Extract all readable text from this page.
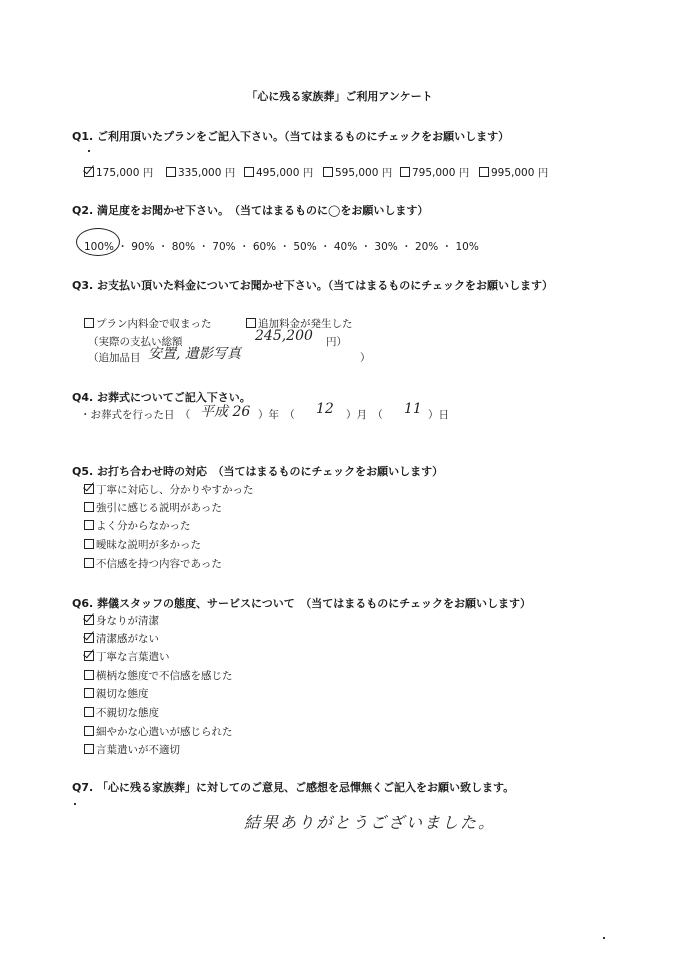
「心に残る家族葬」ご利用アンケート
Q1. ご利用頂いたプランをご記入下さい。（当てはまるものにチェックをお願いします）
175,000 円	335,000 円	495,000 円	595,000 円	795,000 円	995,000 円
Q2. 満足度をお聞かせ下さい。　（当てはまるものに◯をお願いします）
100% ・ 90% ・ 80% ・ 70% ・ 60% ・ 50% ・ 40% ・ 30% ・ 20% ・ 10%
Q3. お支払い頂いた料金についてお聞かせ下さい。（当てはまるものにチェックをお願いします）
プラン内料金で収まった	追加料金が発生した
（実際の支払い総額	245,200 円）
（追加品目 安置, 遺影写真	）
Q4. お葬式についてご記入下さい。
・お葬式を行った日　（ 平成 26 ）年　（ 12 ）月　（ 11 ）日
Q5. お打ち合わせ時の対応　（当てはまるものにチェックをお願いします）
丁寧に対応し、分かりやすかった
強引に感じる説明があった
よく分からなかった
曖昧な説明が多かった
不信感を持つ内容であった
Q6. 葬儀スタッフの態度、サービスについて　（当てはまるものにチェックをお願いします）
身なりが清潔
清潔感がない
丁寧な言葉遣い
横柄な態度で不信感を感じた
親切な態度
不親切な態度
細やかな心遣いが感じられた
言葉遣いが不適切
Q7. 「心に残る家族葬」に対してのご意見、ご感想を忌憚無くご記入をお願い致します。
結果ありがとうございました。
